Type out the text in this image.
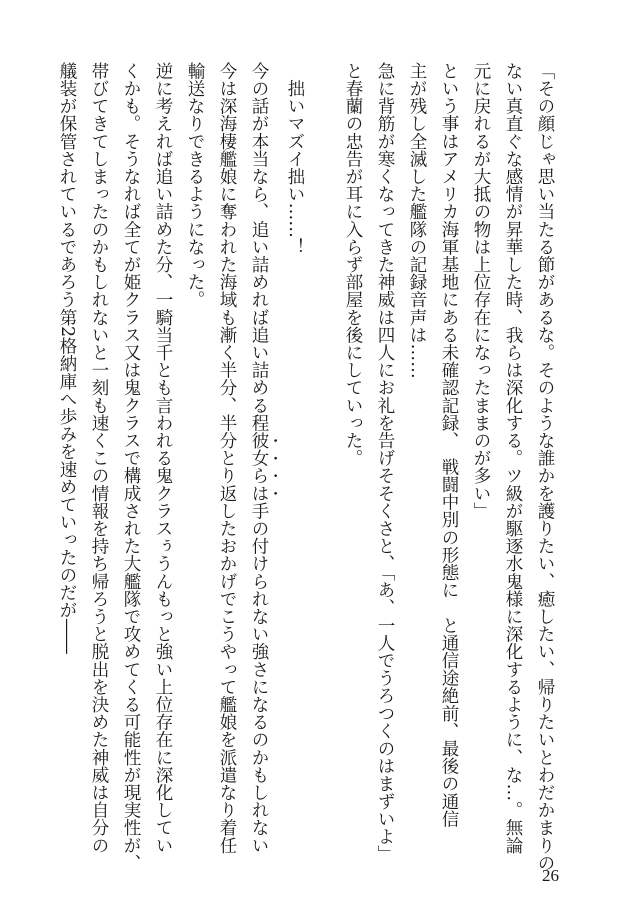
「その顔じゃ思い当たる節があるな。そのような誰かを護りたい、癒したい、帰りたいとわだかまりの
ない真直ぐな感情が昇華した時、我らは深化する。ツ級が駆逐水鬼様に深化するように、な…。無論
元に戻れるが大抵の物は上位存在になったままのが多い」
という事はアメリカ海軍基地にある未確認記録、　戦闘中別の形態に　と通信途絶前、最後の通信
主が残し全滅した艦隊の記録音声は……
急に背筋が寒くなってきた神威は四人にお礼を告げそそくさと、「あ、一人でうろつくのはまずいよ」
と春蘭の忠告が耳に入らず部屋を後にしていった。

　拙いマズイ拙い……！
今の話が本当なら、追い詰めれば追い詰める程彼女らは手の付けられない強さになるのかもしれない
今は深海棲艦娘に奪われた海域も漸く半分、半分とり返したおかげでこうやって艦娘を派遣なり着任
輸送なりできるようになった。
逆に考えれば追い詰めた分、一騎当千とも言われる鬼クラスぅうんもっと強い上位存在に深化してい
くかも。そうなれば全てが姫クラス又は鬼クラスで構成された大艦隊で攻めてくる可能性が現実性が、
帯びてきてしまったのかもしれないと一刻も速くこの情報を持ち帰ろうと脱出を決めた神威は自分の
艤装が保管されているであろう第2格納庫へ歩みを速めていったのだが――
26
